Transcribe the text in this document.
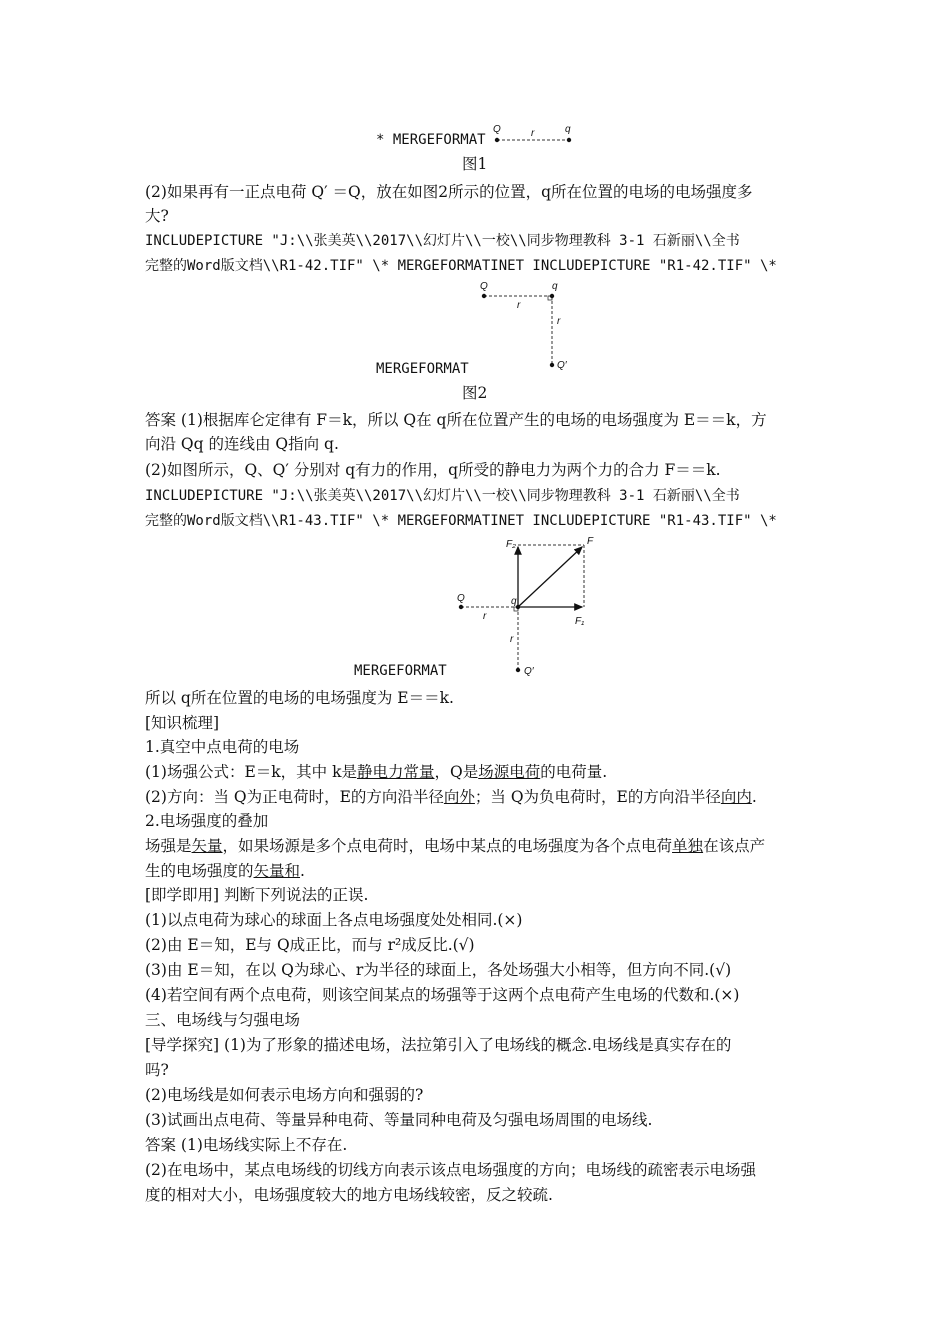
* MERGEFORMAT
Q	r	q
图1
(2)如果再有一正点电荷 Q′ ＝Q，放在如图2所示的位置，q所在位置的电场的电场强度多
大?
INCLUDEPICTURE "J:\\张美英\\2017\\幻灯片\\一校\\同步物理教科 3-1 石新丽\\全书
完整的Word版文档\\R1-42.TIF" \* MERGEFORMATINET INCLUDEPICTURE "R1-42.TIF" \*
Q	q
r
r
Q′
MERGEFORMAT
图2
答案 (1)根据库仑定律有 F＝k，所以 Q在 q所在位置产生的电场的电场强度为 E＝＝k，方
向沿 Qq 的连线由 Q指向 q.
(2)如图所示，Q、Q′ 分别对 q有力的作用，q所受的静电力为两个力的合力 F＝＝k.
INCLUDEPICTURE "J:\\张美英\\2017\\幻灯片\\一校\\同步物理教科 3-1 石新丽\\全书
完整的Word版文档\\R1-43.TIF" \* MERGEFORMATINET INCLUDEPICTURE "R1-43.TIF" \*
F₂	F
Q	q
F₁
r
r
Q′
MERGEFORMAT
所以 q所在位置的电场的电场强度为 E＝＝k.
[知识梳理]
1.真空中点电荷的电场
(1)场强公式：E＝k，其中 k是静电力常量，Q是场源电荷的电荷量.
(2)方向：当 Q为正电荷时，E的方向沿半径向外；当 Q为负电荷时，E的方向沿半径向内.
2.电场强度的叠加
场强是矢量，如果场源是多个点电荷时，电场中某点的电场强度为各个点电荷单独在该点产
生的电场强度的矢量和.
[即学即用] 判断下列说法的正误.
(1)以点电荷为球心的球面上各点电场强度处处相同.(×)
(2)由 E＝知，E与 Q成正比，而与 r²成反比.(√)
(3)由 E＝知，在以 Q为球心、r为半径的球面上，各处场强大小相等，但方向不同.(√)
(4)若空间有两个点电荷，则该空间某点的场强等于这两个点电荷产生电场的代数和.(×)
三、电场线与匀强电场
[导学探究] (1)为了形象的描述电场，法拉第引入了电场线的概念.电场线是真实存在的
吗?
(2)电场线是如何表示电场方向和强弱的?
(3)试画出点电荷、等量异种电荷、等量同种电荷及匀强电场周围的电场线.
答案 (1)电场线实际上不存在.
(2)在电场中，某点电场线的切线方向表示该点电场强度的方向；电场线的疏密表示电场强
度的相对大小，电场强度较大的地方电场线较密，反之较疏.
